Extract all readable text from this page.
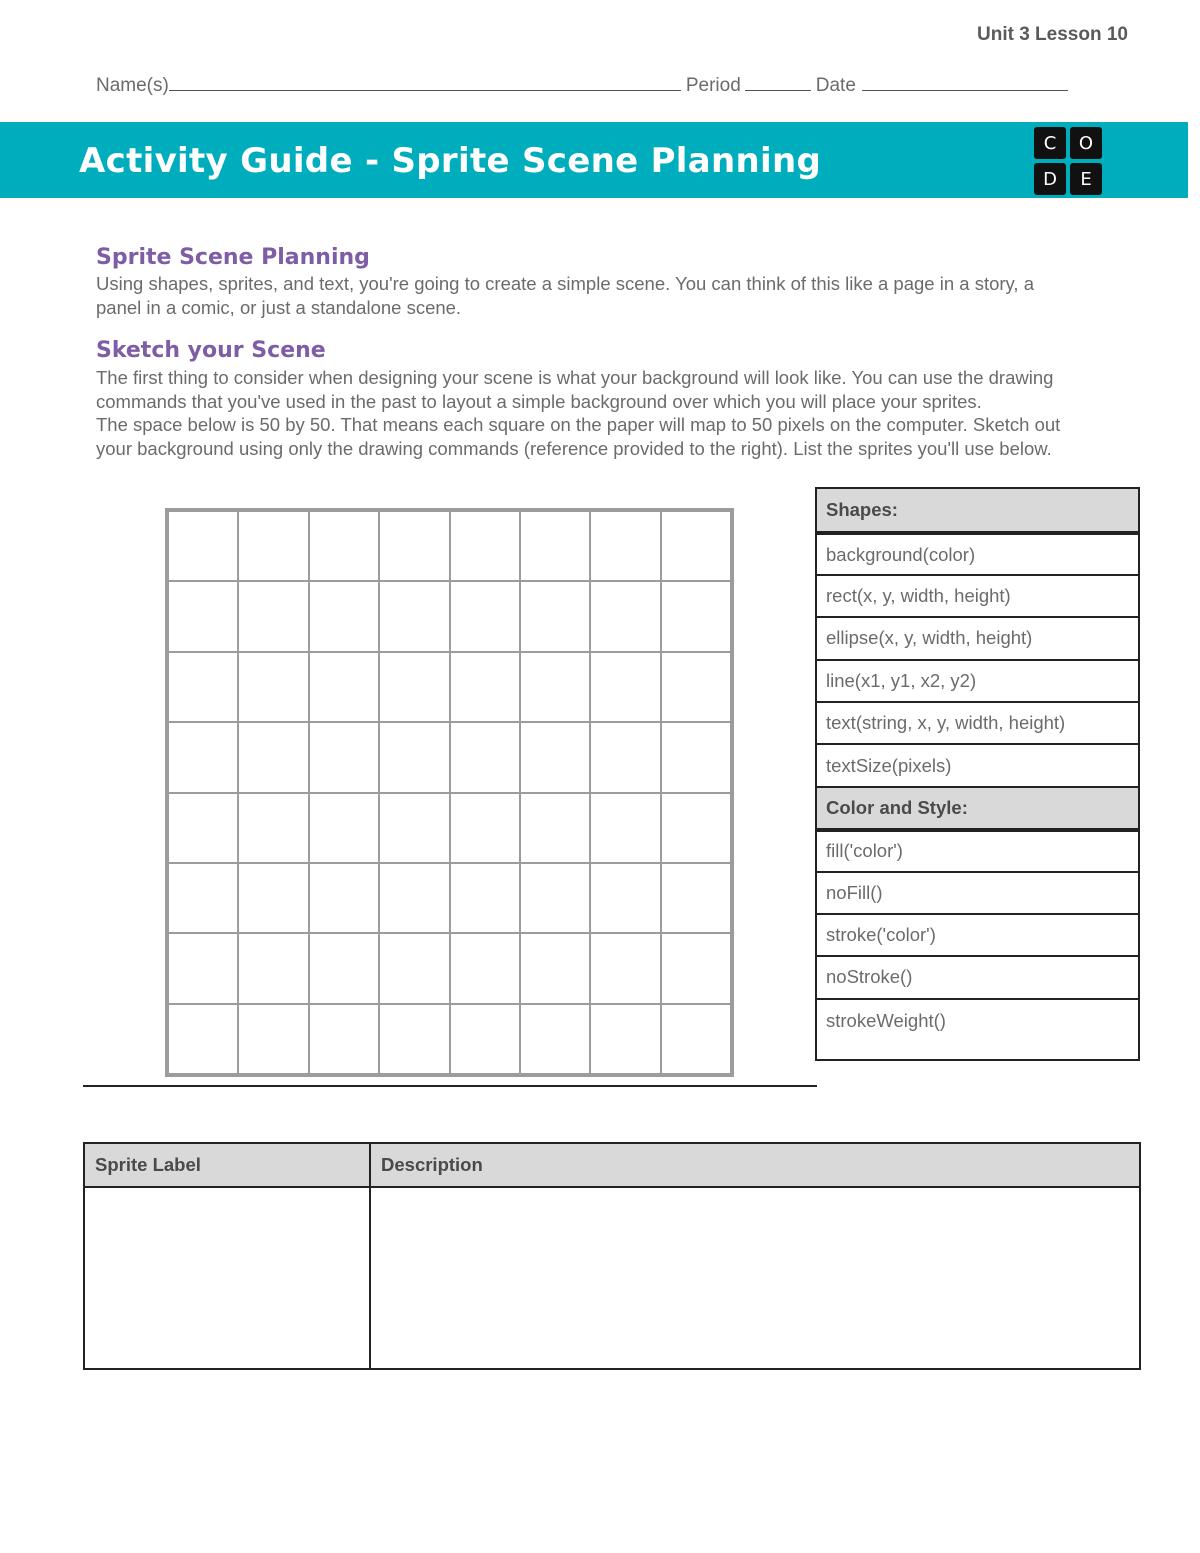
Unit 3 Lesson 10
Name(s)	Period	Date
Activity Guide - Sprite Scene Planning	C	O
D	E
Sprite Scene Planning
Using shapes, sprites, and text, you're going to create a simple scene. You can think of this like a page in a story, a
panel in a comic, or just a standalone scene.
Sketch your Scene
The first thing to consider when designing your scene is what your background will look like. You can use the drawing
commands that you've used in the past to layout a simple background over which you will place your sprites.
The space below is 50 by 50. That means each square on the paper will map to 50 pixels on the computer. Sketch out
your background using only the drawing commands (reference provided to the right). List the sprites you'll use below.
Shapes:
background(color)
rect(x, y, width, height)
ellipse(x, y, width, height)
line(x1, y1, x2, y2)
text(string, x, y, width, height)
textSize(pixels)
Color and Style:
fill('color')
noFill()
stroke('color')
noStroke()
strokeWeight()
Sprite Label	Description
